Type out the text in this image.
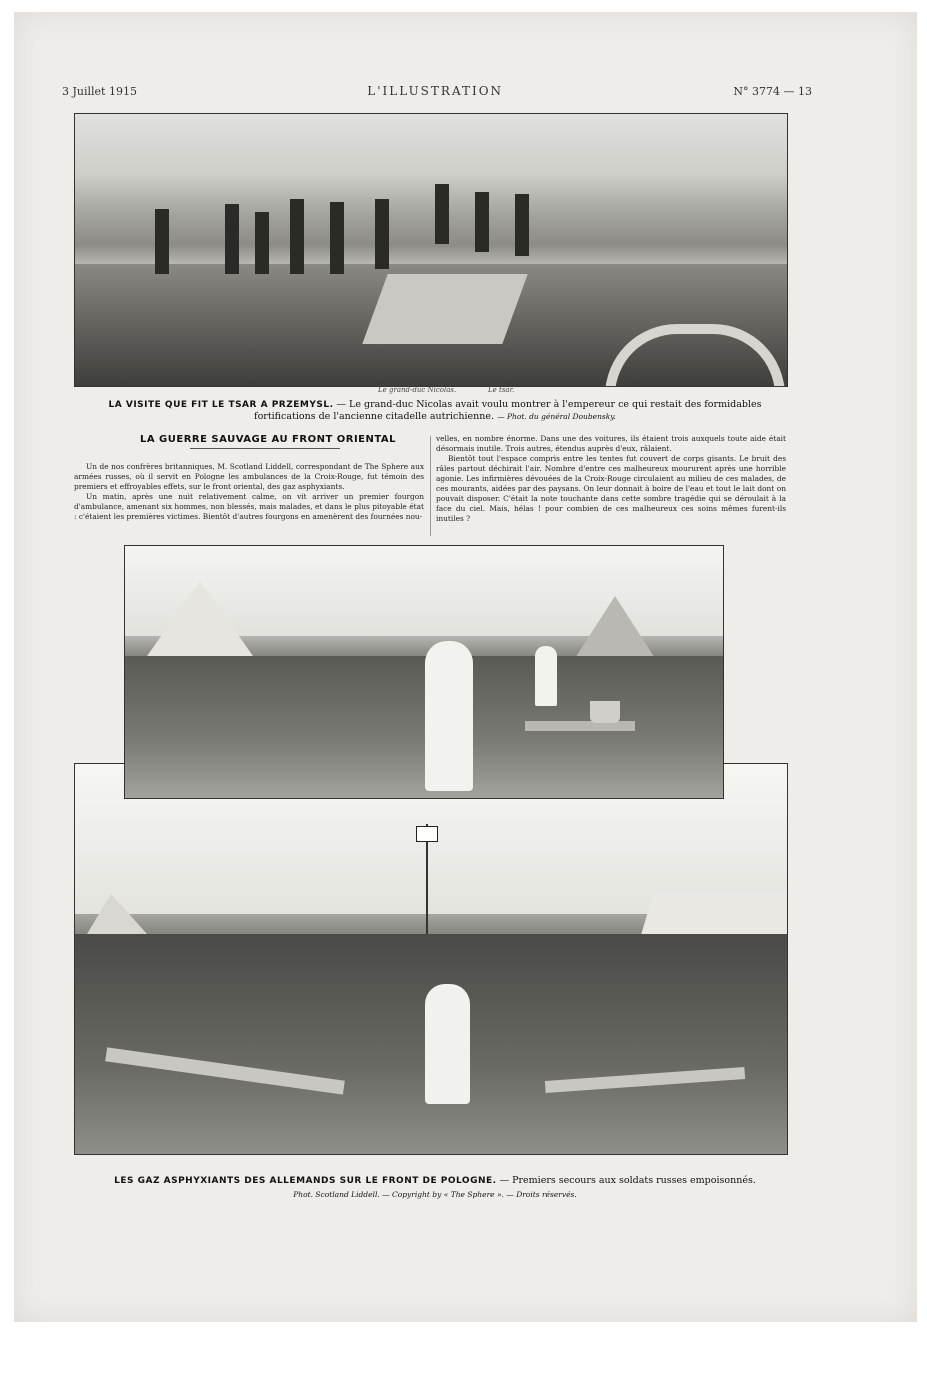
3 Juillet 1915	L'ILLUSTRATION	N° 3774 — 13
Le grand-duc Nicolas.	Le tsar.
LA VISITE QUE FIT LE TSAR A PRZEMYSL. — Le grand-duc Nicolas avait voulu montrer à l'empereur ce qui restait des formidables fortifications de l'ancienne citadelle autrichienne. — Phot. du général Doubensky.
LA GUERRE SAUVAGE AU FRONT ORIENTAL

Un de nos confrères britanniques, M. Scotland Liddell, correspondant de The Sphere aux armées russes, où il servit en Pologne les ambulances de la Croix-Rouge, fut témoin des premiers et effroyables effets, sur le front oriental, des gaz asphyxiants.

Un matin, après une nuit relativement calme, on vit arriver un premier fourgon d'ambulance, amenant six hommes, non blessés, mais malades, et dans le plus pitoyable état : c'étaient les premières victimes. Bientôt d'autres fourgons en amenèrent des fournées nou-

velles, en nombre énorme. Dans une des voitures, ils étaient trois auxquels toute aide était désormais inutile. Trois autres, étendus auprès d'eux, râlaient.

Bientôt tout l'espace compris entre les tentes fut couvert de corps gisants. Le bruit des râles partout déchirait l'air. Nombre d'entre ces malheureux moururent après une horrible agonie. Les infirmières dévouées de la Croix-Rouge circulaient au milieu de ces malades, de ces mourants, aidées par des paysans. On leur donnait à boire de l'eau et tout le lait dont on pouvait disposer. C'était la note touchante dans cette sombre tragédie qui se déroulait à la face du ciel. Mais, hélas ! pour combien de ces malheureux ces soins mêmes furent-ils inutiles ?

LES GAZ ASPHYXIANTS DES ALLEMANDS SUR LE FRONT DE POLOGNE. — Premiers secours aux soldats russes empoisonnés.
Phot. Scotland Liddell. — Copyright by « The Sphere ». — Droits réservés.
